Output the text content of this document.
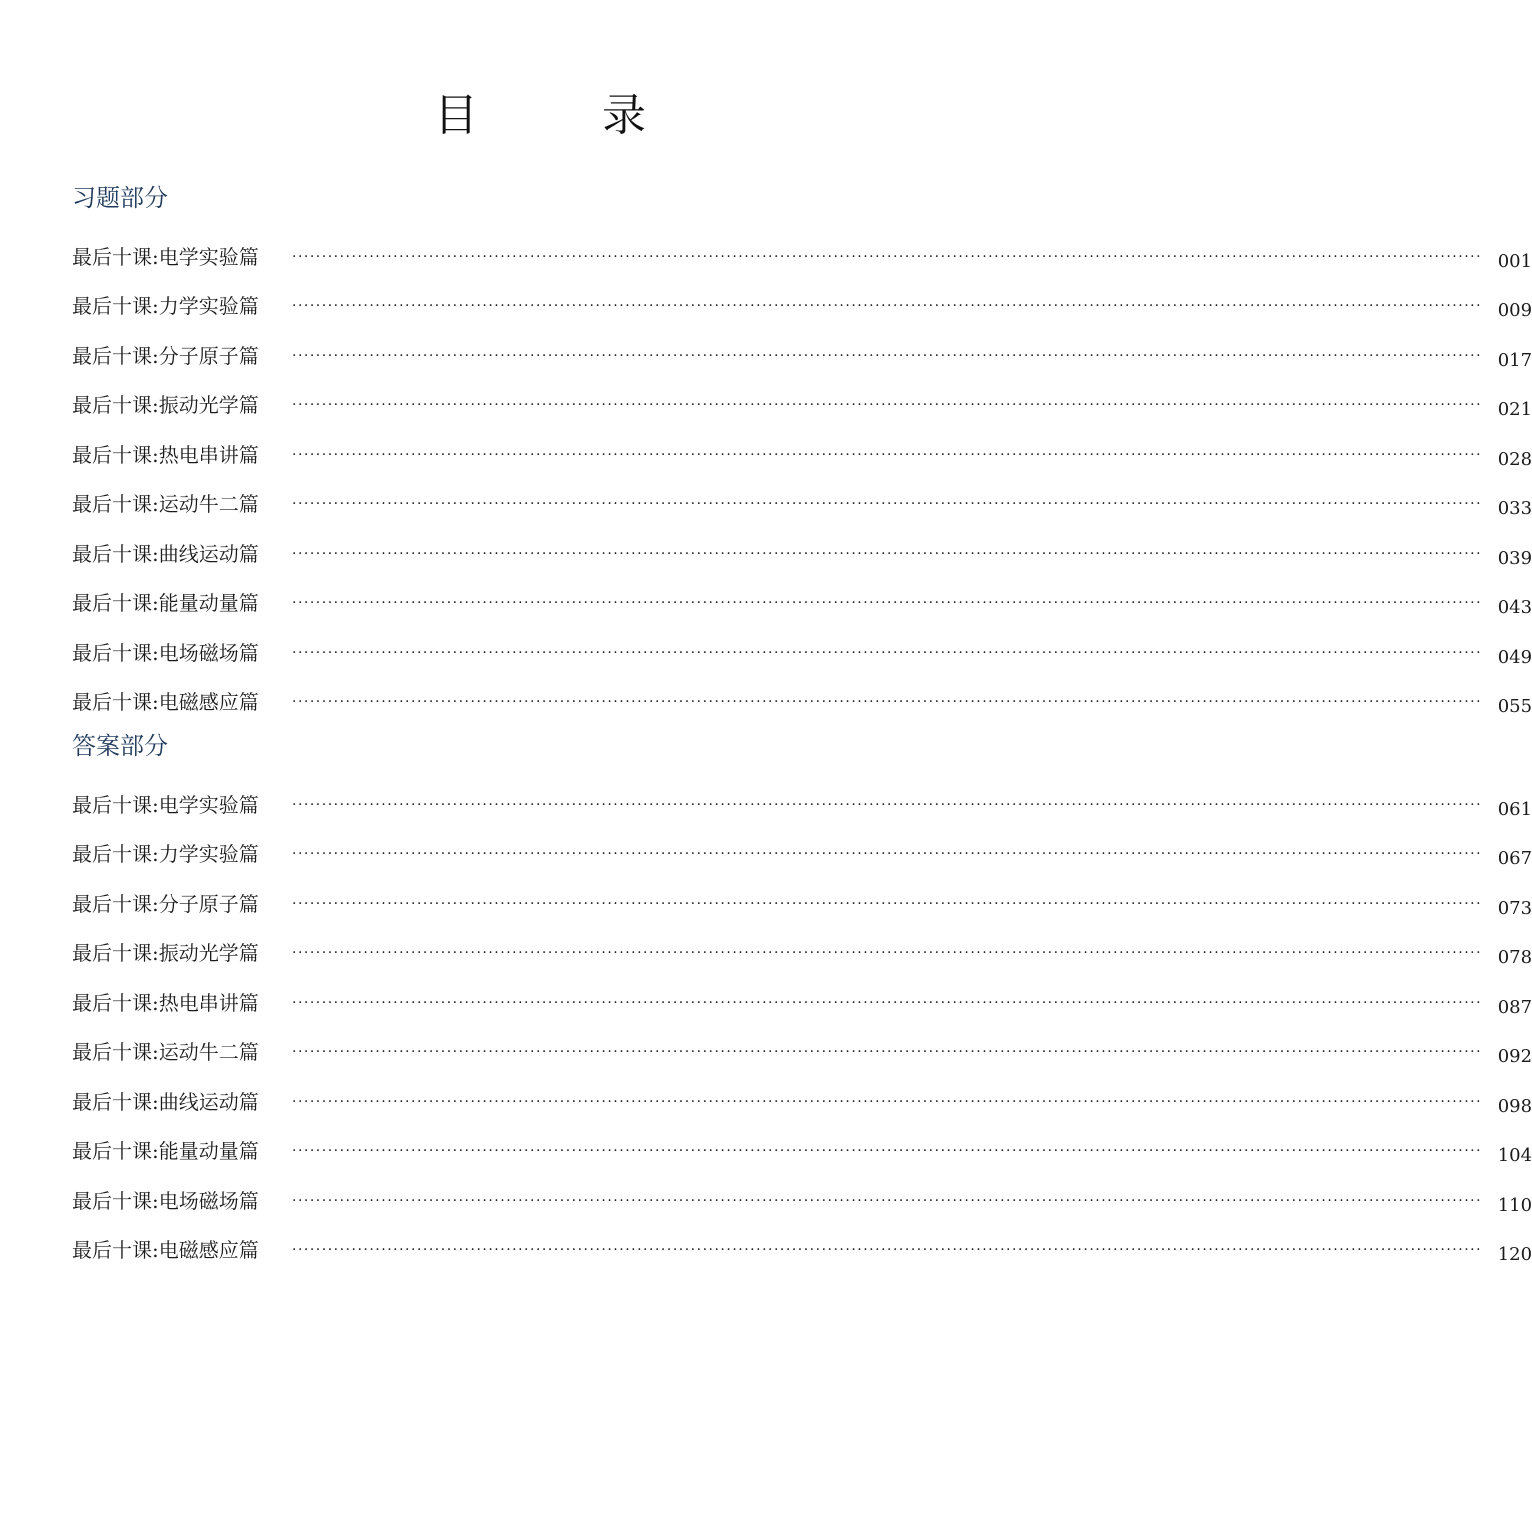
目　录
习题部分
最后十课:电学实验篇	········································································································································································································ 001
最后十课:力学实验篇	········································································································································································································ 009
最后十课:分子原子篇	········································································································································································································ 017
最后十课:振动光学篇	········································································································································································································ 021
最后十课:热电串讲篇	········································································································································································································ 028
最后十课:运动牛二篇	········································································································································································································ 033
最后十课:曲线运动篇	········································································································································································································ 039
最后十课:能量动量篇	········································································································································································································ 043
最后十课:电场磁场篇	········································································································································································································ 049
最后十课:电磁感应篇	········································································································································································································ 055
答案部分
最后十课:电学实验篇	········································································································································································································ 061
最后十课:力学实验篇	········································································································································································································ 067
最后十课:分子原子篇	········································································································································································································ 073
最后十课:振动光学篇	········································································································································································································ 078
最后十课:热电串讲篇	········································································································································································································ 087
最后十课:运动牛二篇	········································································································································································································ 092
最后十课:曲线运动篇	········································································································································································································ 098
最后十课:能量动量篇	········································································································································································································ 104
最后十课:电场磁场篇	········································································································································································································ 110
最后十课:电磁感应篇	········································································································································································································ 120
